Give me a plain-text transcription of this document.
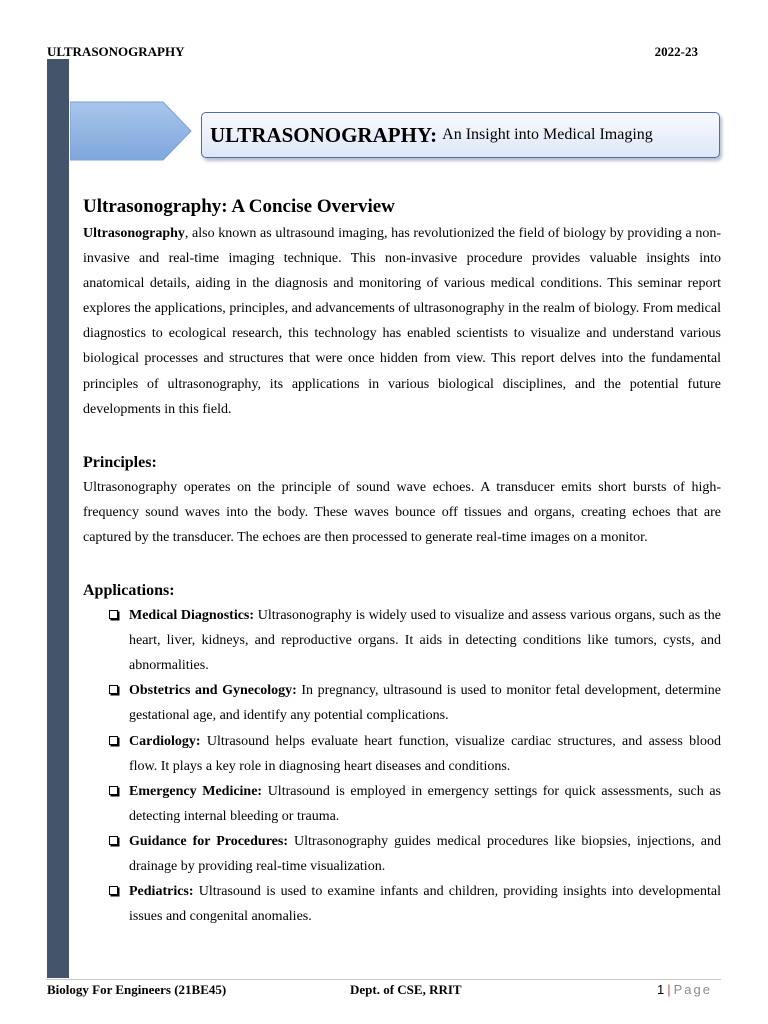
ULTRASONOGRAPHY	2022-23
ULTRASONOGRAPHY: An Insight into Medical Imaging
Ultrasonography: A Concise Overview

Ultrasonography, also known as ultrasound imaging, has revolutionized the field of biology by providing a non-invasive and real-time imaging technique. This non-invasive procedure provides valuable insights into anatomical details, aiding in the diagnosis and monitoring of various medical conditions. This seminar report explores the applications, principles, and advancements of ultrasonography in the realm of biology. From medical diagnostics to ecological research, this technology has enabled scientists to visualize and understand various biological processes and structures that were once hidden from view. This report delves into the fundamental principles of ultrasonography, its applications in various biological disciplines, and the potential future developments in this field.

Principles:

Ultrasonography operates on the principle of sound wave echoes. A transducer emits short bursts of high-frequency sound waves into the body. These waves bounce off tissues and organs, creating echoes that are captured by the transducer. The echoes are then processed to generate real-time images on a monitor.

Applications:
Medical Diagnostics: Ultrasonography is widely used to visualize and assess various organs, such as the heart, liver, kidneys, and reproductive organs. It aids in detecting conditions like tumors, cysts, and abnormalities.
Obstetrics and Gynecology: In pregnancy, ultrasound is used to monitor fetal development, determine gestational age, and identify any potential complications.
Cardiology: Ultrasound helps evaluate heart function, visualize cardiac structures, and assess blood flow. It plays a key role in diagnosing heart diseases and conditions.
Emergency Medicine: Ultrasound is employed in emergency settings for quick assessments, such as detecting internal bleeding or trauma.
Guidance for Procedures: Ultrasonography guides medical procedures like biopsies, injections, and drainage by providing real-time visualization.
Pediatrics: Ultrasound is used to examine infants and children, providing insights into developmental issues and congenital anomalies.
Biology For Engineers (21BE45)	Dept. of CSE, RRIT	1 | Page
